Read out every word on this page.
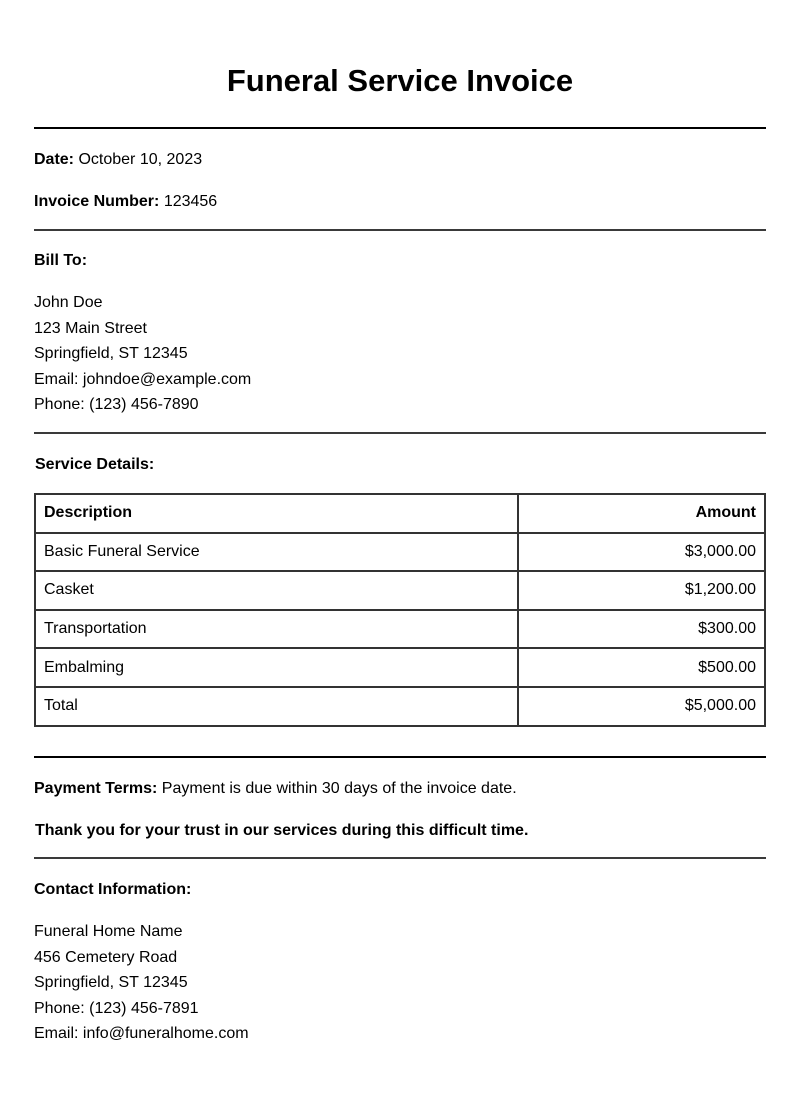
Funeral Service Invoice
Date: October 10, 2023
Invoice Number: 123456
Bill To:
John Doe
123 Main Street
Springfield, ST 12345
Email: johndoe@example.com
Phone: (123) 456-7890
Service Details:
Description	Amount
Basic Funeral Service	$3,000.00
Casket	$1,200.00
Transportation	$300.00
Embalming	$500.00
Total	$5,000.00
Payment Terms: Payment is due within 30 days of the invoice date.
Thank you for your trust in our services during this difficult time.
Contact Information:
Funeral Home Name
456 Cemetery Road
Springfield, ST 12345
Phone: (123) 456-7891
Email: info@funeralhome.com
